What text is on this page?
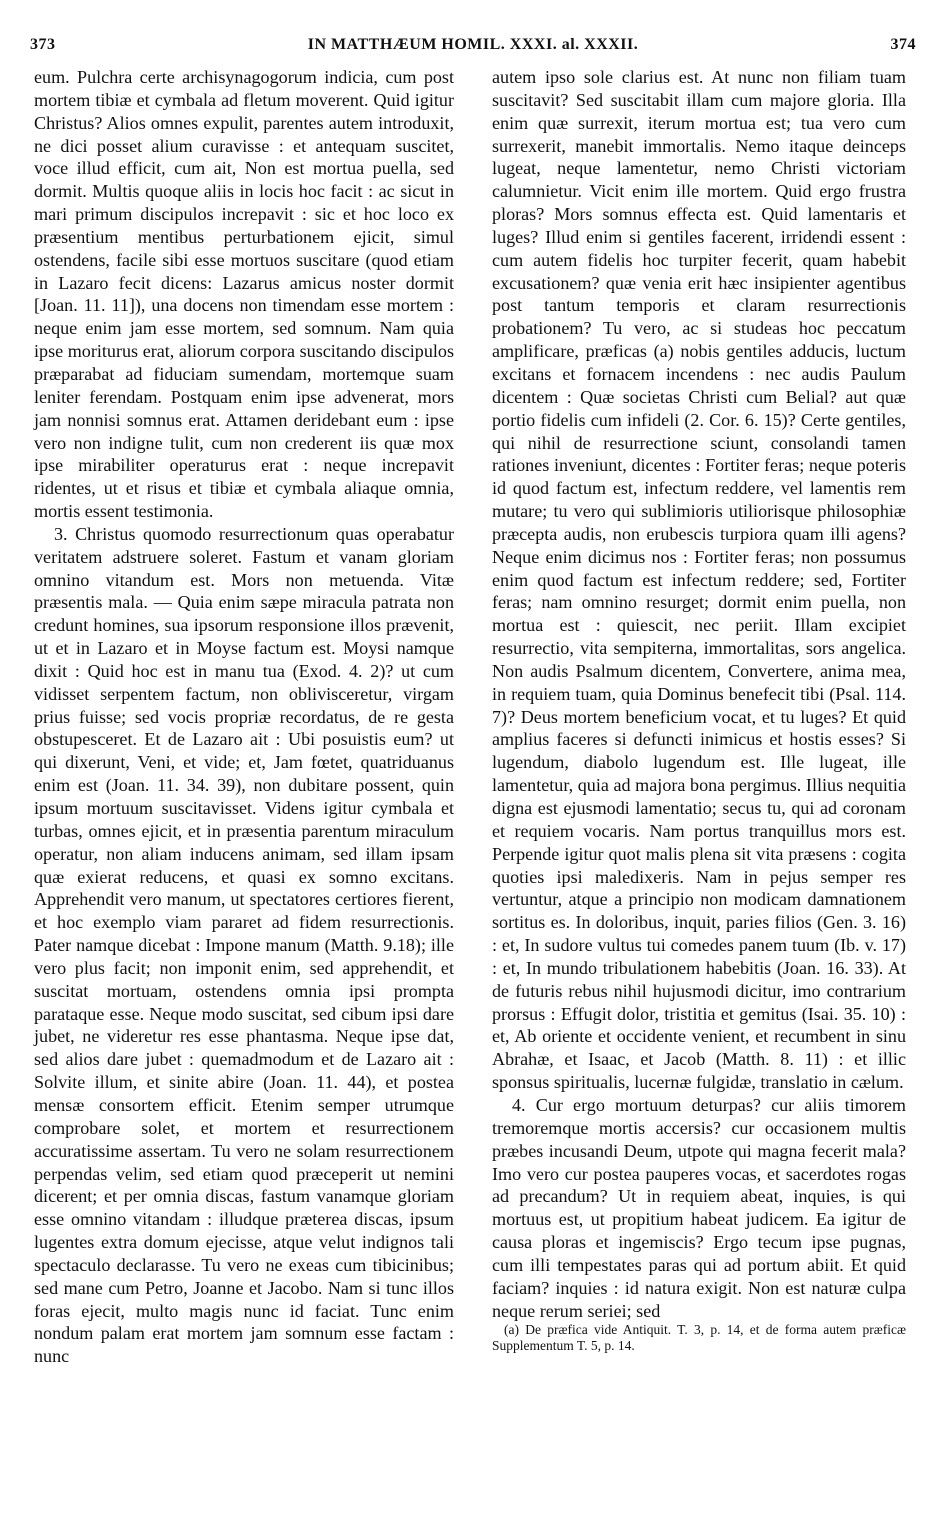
373	IN MATTHÆUM HOMIL. XXXI. al. XXXII.	374

eum. Pulchra certe archisynagogorum indicia, cum post mortem tibiæ et cymbala ad fletum moverent. Quid igitur Christus? Alios omnes expulit, parentes autem introduxit, ne dici posset alium curavisse : et antequam suscitet, voce illud efficit, cum ait, Non est mortua puella, sed dormit. Multis quoque aliis in locis hoc facit : ac sicut in mari primum discipulos increpavit : sic et hoc loco ex præsentium mentibus perturbationem ejicit, simul ostendens, facile sibi esse mortuos suscitare (quod etiam in Lazaro fecit dicens: Lazarus amicus noster dormit [Joan. 11. 11]), una docens non timendam esse mortem : neque enim jam esse mortem, sed somnum. Nam quia ipse moriturus erat, aliorum corpora suscitando discipulos præparabat ad fiduciam sumendam, mortemque suam leniter ferendam. Postquam enim ipse advenerat, mors jam nonnisi somnus erat. Attamen deridebant eum : ipse vero non indigne tulit, cum non crederent iis quæ mox ipse mirabiliter operaturus erat : neque increpavit ridentes, ut et risus et tibiæ et cymbala aliaque omnia, mortis essent testimonia.

3. Christus quomodo resurrectionum quas operabatur veritatem adstruere soleret. Fastum et vanam gloriam omnino vitandum est. Mors non metuenda. Vitæ præsentis mala. — Quia enim sæpe miracula patrata non credunt homines, sua ipsorum responsione illos prævenit, ut et in Lazaro et in Moyse factum est. Moysi namque dixit : Quid hoc est in manu tua (Exod. 4. 2)? ut cum vidisset serpentem factum, non oblivisceretur, virgam prius fuisse; sed vocis propriæ recordatus, de re gesta obstupesceret. Et de Lazaro ait : Ubi posuistis eum? ut qui dixerunt, Veni, et vide; et, Jam fœtet, quatriduanus enim est (Joan. 11. 34. 39), non dubitare possent, quin ipsum mortuum suscitavisset. Videns igitur cymbala et turbas, omnes ejicit, et in præsentia parentum miraculum operatur, non aliam inducens animam, sed illam ipsam quæ exierat reducens, et quasi ex somno excitans. Apprehendit vero manum, ut spectatores certiores fierent, et hoc exemplo viam pararet ad fidem resurrectionis. Pater namque dicebat : Impone manum (Matth. 9.18); ille vero plus facit; non imponit enim, sed apprehendit, et suscitat mortuam, ostendens omnia ipsi prompta parataque esse. Neque modo suscitat, sed cibum ipsi dare jubet, ne videretur res esse phantasma. Neque ipse dat, sed alios dare jubet : quemadmodum et de Lazaro ait : Solvite illum, et sinite abire (Joan. 11. 44), et postea mensæ consortem efficit. Etenim semper utrumque comprobare solet, et mortem et resurrectionem accuratissime assertam. Tu vero ne solam resurrectionem perpendas velim, sed etiam quod præceperit ut nemini dicerent; et per omnia discas, fastum vanamque gloriam esse omnino vitandam : illudque præterea discas, ipsum lugentes extra domum ejecisse, atque velut indignos tali spectaculo declarasse. Tu vero ne exeas cum tibicinibus; sed mane cum Petro, Joanne et Jacobo. Nam si tunc illos foras ejecit, multo magis nunc id faciat. Tunc enim nondum palam erat mortem jam somnum esse factam : nunc

autem ipso sole clarius est. At nunc non filiam tuam suscitavit? Sed suscitabit illam cum majore gloria. Illa enim quæ surrexit, iterum mortua est; tua vero cum surrexerit, manebit immortalis. Nemo itaque deinceps lugeat, neque lamentetur, nemo Christi victoriam calumnietur. Vicit enim ille mortem. Quid ergo frustra ploras? Mors somnus effecta est. Quid lamentaris et luges? Illud enim si gentiles facerent, irridendi essent : cum autem fidelis hoc turpiter fecerit, quam habebit excusationem? quæ venia erit hæc insipienter agentibus post tantum temporis et claram resurrectionis probationem? Tu vero, ac si studeas hoc peccatum amplificare, præficas (a) nobis gentiles adducis, luctum excitans et fornacem incendens : nec audis Paulum dicentem : Quæ societas Christi cum Belial? aut quæ portio fidelis cum infideli (2. Cor. 6. 15)? Certe gentiles, qui nihil de resurrectione sciunt, consolandi tamen rationes inveniunt, dicentes : Fortiter feras; neque poteris id quod factum est, infectum reddere, vel lamentis rem mutare; tu vero qui sublimioris utiliorisque philosophiæ præcepta audis, non erubescis turpiora quam illi agens? Neque enim dicimus nos : Fortiter feras; non possumus enim quod factum est infectum reddere; sed, Fortiter feras; nam omnino resurget; dormit enim puella, non mortua est : quiescit, nec periit. Illam excipiet resurrectio, vita sempiterna, immortalitas, sors angelica. Non audis Psalmum dicentem, Convertere, anima mea, in requiem tuam, quia Dominus benefecit tibi (Psal. 114. 7)? Deus mortem beneficium vocat, et tu luges? Et quid amplius faceres si defuncti inimicus et hostis esses? Si lugendum, diabolo lugendum est. Ille lugeat, ille lamentetur, quia ad majora bona pergimus. Illius nequitia digna est ejusmodi lamentatio; secus tu, qui ad coronam et requiem vocaris. Nam portus tranquillus mors est. Perpende igitur quot malis plena sit vita præsens : cogita quoties ipsi maledixeris. Nam in pejus semper res vertuntur, atque a principio non modicam damnationem sortitus es. In doloribus, inquit, paries filios (Gen. 3. 16) : et, In sudore vultus tui comedes panem tuum (Ib. v. 17) : et, In mundo tribulationem habebitis (Joan. 16. 33). At de futuris rebus nihil hujusmodi dicitur, imo contrarium prorsus : Effugit dolor, tristitia et gemitus (Isai. 35. 10) : et, Ab oriente et occidente venient, et recumbent in sinu Abrahæ, et Isaac, et Jacob (Matth. 8. 11) : et illic sponsus spiritualis, lucernæ fulgidæ, translatio in cælum.

4. Cur ergo mortuum deturpas? cur aliis timorem tremoremque mortis accersis? cur occasionem multis præbes incusandi Deum, utpote qui magna fecerit mala? Imo vero cur postea pauperes vocas, et sacerdotes rogas ad precandum? Ut in requiem abeat, inquies, is qui mortuus est, ut propitium habeat judicem. Ea igitur de causa ploras et ingemiscis? Ergo tecum ipse pugnas, cum illi tempestates paras qui ad portum abiit. Et quid faciam? inquies : id natura exigit. Non est naturæ culpa neque rerum seriei; sed

(a) De præfica vide Antiquit. T. 3, p. 14, et de forma autem præficæ Supplementum T. 5, p. 14.
